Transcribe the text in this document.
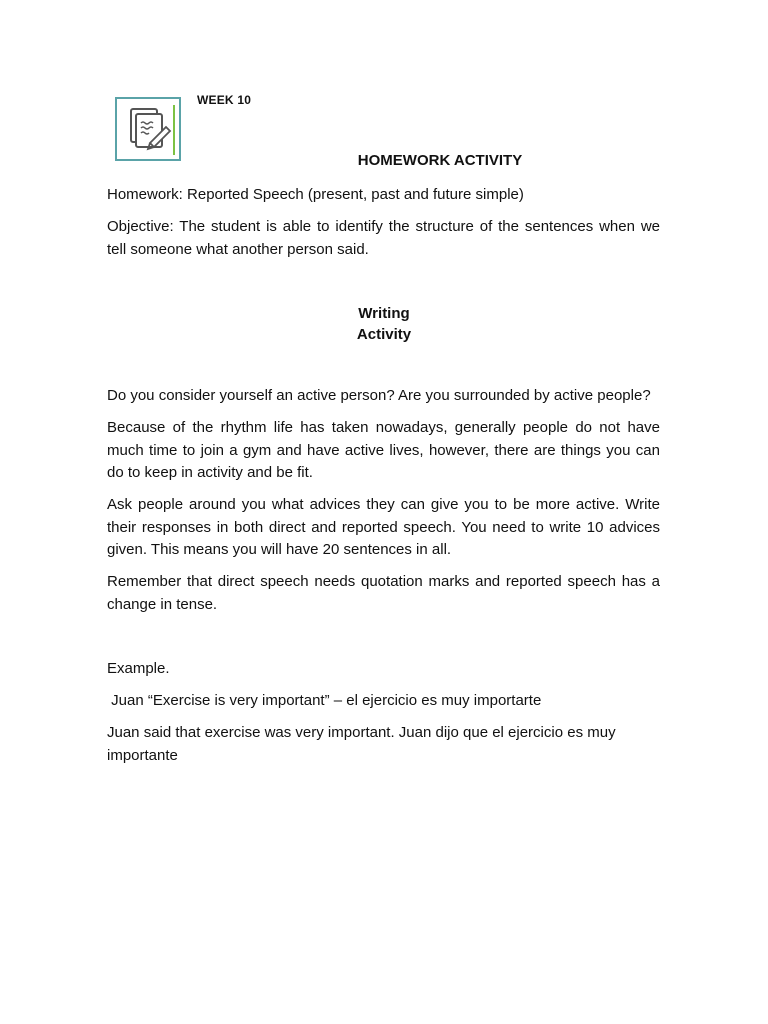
WEEK 10
HOMEWORK ACTIVITY

Homework: Reported Speech (present, past and future simple)

Objective: The student is able to identify the structure of the sentences when we tell someone what another person said.

Writing
Activity

Do you consider yourself an active person? Are you surrounded by active people?

Because of the rhythm life has taken nowadays, generally people do not have much time to join a gym and have active lives, however, there are things you can do to keep in activity and be fit.

Ask people around you what advices they can give you to be more active. Write their responses in both direct and reported speech. You need to write 10 advices given. This means you will have 20 sentences in all.

Remember that direct speech needs quotation marks and reported speech has a change in tense.

Example.

Juan “Exercise is very important” – el ejercicio es muy importarte

Juan said that exercise was very important. Juan dijo que el ejercicio es muy importante
